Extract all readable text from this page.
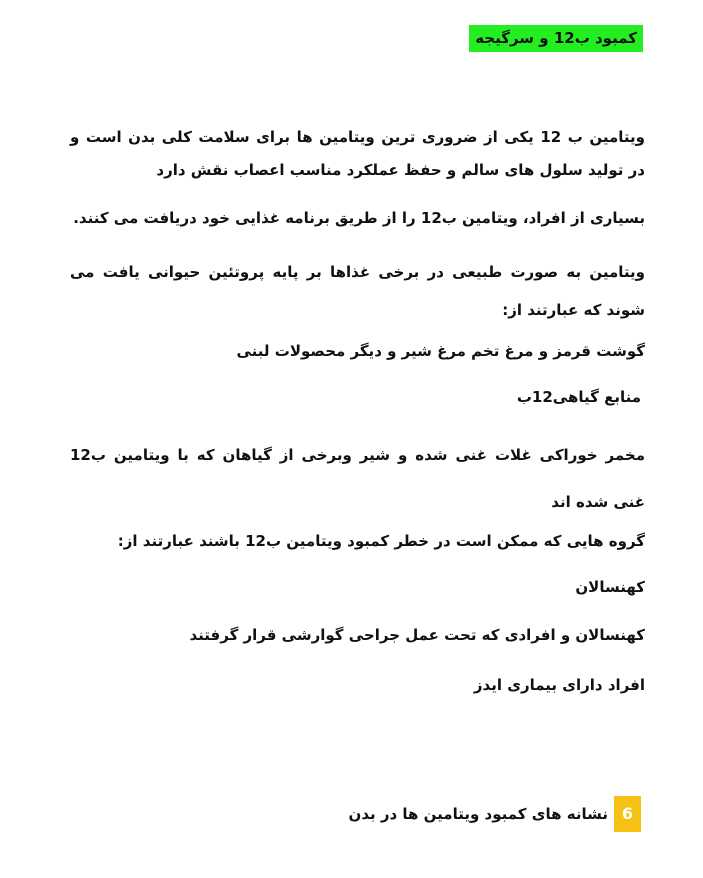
کمبود ب12 و سرگیجه
ویتامین ب 12 یکی از ضروری ترین ویتامین ها برای سلامت کلی بدن است و در تولید سلول های سالم و حفظ عملکرد مناسب اعصاب نقش دارد
بسیاری از افراد، ویتامین ب12 را از طریق برنامه غذایی خود دریافت می کنند.
ویتامین به صورت طبیعی در برخی غذاها بر پایه پروتئین حیوانی یافت می شوند که عبارتند از:
گوشت قرمز و مرغ تخم مرغ شیر و دیگر محصولات لبنی
منابع گیاهی12ب
مخمر خوراکی غلات غنی شده و شیر وبرخی از گیاهان که با ویتامین ب12 غنی شده اند
گروه هایی که ممکن است در خطر کمبود ویتامین ب12 باشند عبارتند از:
کهنسالان
کهنسالان و افرادی که تحت عمل جراحی گوارشی قرار گرفتند
افراد دارای بیماری ایدز
6
نشانه های کمبود ویتامین ها در بدن
